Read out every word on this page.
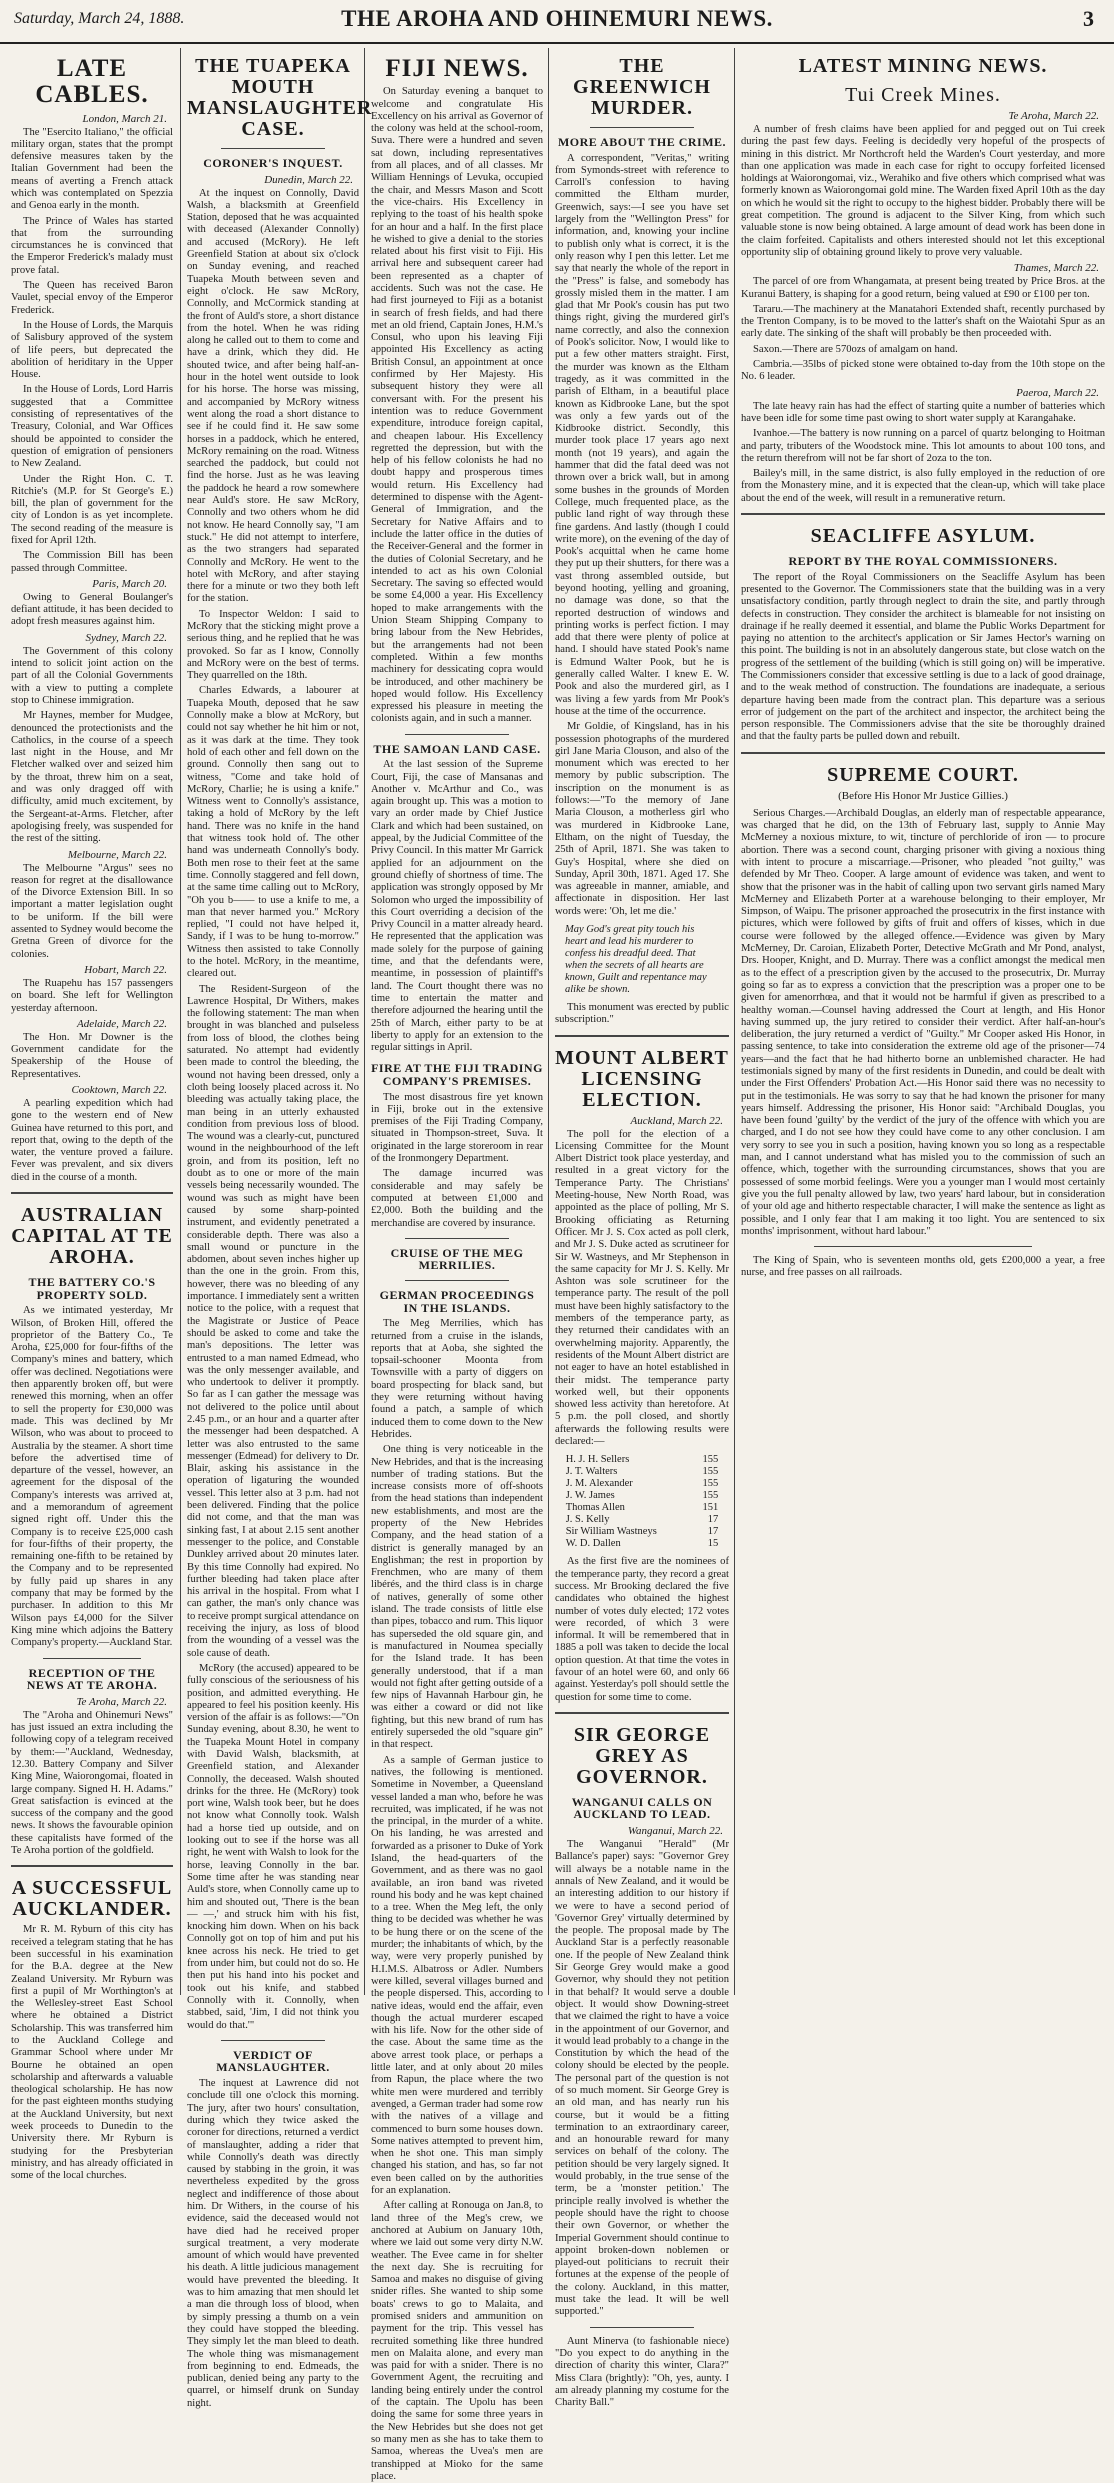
Saturday, March 24, 1888.	THE AROHA AND OHINEMURI NEWS.	3
LATE CABLES.
London, March 21.

The "Esercito Italiano," the official military organ, states that the prompt defensive measures taken by the Italian Government had been the means of averting a French attack which was contemplated on Spezzia and Genoa early in the month.

The Prince of Wales has started that from the surrounding circumstances he is convinced that the Emperor Frederick's malady must prove fatal.

The Queen has received Baron Vaulet, special envoy of the Emperor Frederick.

In the House of Lords, the Marquis of Salisbury approved of the system of life peers, but deprecated the abolition of heriditary in the Upper House.

In the House of Lords, Lord Harris suggested that a Committee consisting of representatives of the Treasury, Colonial, and War Offices should be appointed to consider the question of emigration of pensioners to New Zealand.

Under the Right Hon. C. T. Ritchie's (M.P. for St George's E.) bill, the plan of government for the city of London is as yet incomplete. The second reading of the measure is fixed for April 12th.

The Commission Bill has been passed through Committee.

Paris, March 20.

Owing to General Boulanger's defiant attitude, it has been decided to adopt fresh measures against him.

Sydney, March 22.

The Government of this colony intend to solicit joint action on the part of all the Colonial Governments with a view to putting a complete stop to Chinese immigration.

Mr Haynes, member for Mudgee, denounced the protectionists and the Catholics, in the course of a speech last night in the House, and Mr Fletcher walked over and seized him by the throat, threw him on a seat, and was only dragged off with difficulty, amid much excitement, by the Sergeant-at-Arms. Fletcher, after apologising freely, was suspended for the rest of the sitting.

Melbourne, March 22.

The Melbourne "Argus" sees no reason for regret at the disallowance of the Divorce Extension Bill. In so important a matter legislation ought to be uniform. If the bill were assented to Sydney would become the Gretna Green of divorce for the colonies.

Hobart, March 22.

The Ruapehu has 157 passengers on board. She left for Wellington yesterday afternoon.

Adelaide, March 22.

The Hon. Mr Downer is the Government candidate for the Speakership of the House of Representatives.

Cooktown, March 22.

A pearling expedition which had gone to the western end of New Guinea have returned to this port, and report that, owing to the depth of the water, the venture proved a failure. Fever was prevalent, and six divers died in the course of a month.

AUSTRALIAN CAPITAL AT TE AROHA.
THE BATTERY CO.'S PROPERTY SOLD.

As we intimated yesterday, Mr Wilson, of Broken Hill, offered the proprietor of the Battery Co., Te Aroha, £25,000 for four-fifths of the Company's mines and battery, which offer was declined. Negotiations were then apparently broken off, but were renewed this morning, when an offer to sell the property for £30,000 was made. This was declined by Mr Wilson, who was about to proceed to Australia by the steamer. A short time before the advertised time of departure of the vessel, however, an agreement for the disposal of the Company's interests was arrived at, and a memorandum of agreement signed right off. Under this the Company is to receive £25,000 cash for four-fifths of their property, the remaining one-fifth to be retained by the Company and to be represented by fully paid up shares in any company that may be formed by the purchaser. In addition to this Mr Wilson pays £4,000 for the Silver King mine which adjoins the Battery Company's property.—Auckland Star.

RECEPTION OF THE NEWS AT TE AROHA.
Te Aroha, March 22.

The "Aroha and Ohinemuri News" has just issued an extra including the following copy of a telegram received by them:—"Auckland, Wednesday, 12.30. Battery Company and Silver King Mine, Waiorongomai, floated in large company. Signed H. H. Adams." Great satisfaction is evinced at the success of the company and the good news. It shows the favourable opinion these capitalists have formed of the Te Aroha portion of the goldfield.

A SUCCESSFUL AUCKLANDER.

Mr R. M. Ryburn of this city has received a telegram stating that he has been successful in his examination for the B.A. degree at the New Zealand University. Mr Ryburn was first a pupil of Mr Worthington's at the Wellesley-street East School where he obtained a District Scholarship. This was transferred him to the Auckland College and Grammar School where under Mr Bourne he obtained an open scholarship and afterwards a valuable theological scholarship. He has now for the past eighteen months studying at the Auckland University, but next week proceeds to Dunedin to the University there. Mr Ryburn is studying for the Presbyterian ministry, and has already officiated in some of the local churches.

THE TUAPEKA MOUTH MANSLAUGHTER CASE.
CORONER'S INQUEST.
Dunedin, March 22.

At the inquest on Connolly, David Walsh, a blacksmith at Greenfield Station, deposed that he was acquainted with deceased (Alexander Connolly) and accused (McRory). He left Greenfield Station at about six o'clock on Sunday evening, and reached Tuapeka Mouth between seven and eight o'clock. He saw McRory, Connolly, and McCormick standing at the front of Auld's store, a short distance from the hotel. When he was riding along he called out to them to come and have a drink, which they did. He shouted twice, and after being half-an-hour in the hotel went outside to look for his horse. The horse was missing, and accompanied by McRory witness went along the road a short distance to see if he could find it. He saw some horses in a paddock, which he entered, McRory remaining on the road. Witness searched the paddock, but could not find the horse. Just as he was leaving the paddock he heard a row somewhere near Auld's store. He saw McRory, Connolly and two others whom he did not know. He heard Connolly say, "I am stuck." He did not attempt to interfere, as the two strangers had separated Connolly and McRory. He went to the hotel with McRory, and after staying there for a minute or two they both left for the station.

To Inspector Weldon: I said to McRory that the sticking might prove a serious thing, and he replied that he was provoked. So far as I know, Connolly and McRory were on the best of terms. They quarrelled on the 18th.

Charles Edwards, a labourer at Tuapeka Mouth, deposed that he saw Connolly make a blow at McRory, but could not say whether he hit him or not, as it was dark at the time. They took hold of each other and fell down on the ground. Connolly then sang out to witness, "Come and take hold of McRory, Charlie; he is using a knife." Witness went to Connolly's assistance, taking a hold of McRory by the left hand. There was no knife in the hand that witness took hold of. The other hand was underneath Connolly's body. Both men rose to their feet at the same time. Connolly staggered and fell down, at the same time calling out to McRory, "Oh you b—— to use a knife to me, a man that never harmed you." McRory replied, "I could not have helped it, Sandy, if I was to be hung to-morrow." Witness then assisted to take Connolly to the hotel. McRory, in the meantime, cleared out.

The Resident-Surgeon of the Lawrence Hospital, Dr Withers, makes the following statement: The man when brought in was blanched and pulseless from loss of blood, the clothes being saturated. No attempt had evidently been made to control the bleeding, the wound not having been dressed, only a cloth being loosely placed across it. No bleeding was actually taking place, the man being in an utterly exhausted condition from previous loss of blood. The wound was a clearly-cut, punctured wound in the neighbourhood of the left groin, and from its position, left no doubt as to one or more of the main vessels being necessarily wounded. The wound was such as might have been caused by some sharp-pointed instrument, and evidently penetrated a considerable depth. There was also a small wound or puncture in the abdomen, about seven inches higher up than the one in the groin. From this, however, there was no bleeding of any importance. I immediately sent a written notice to the police, with a request that the Magistrate or Justice of Peace should be asked to come and take the man's depositions. The letter was entrusted to a man named Edmead, who was the only messenger available, and who undertook to deliver it promptly. So far as I can gather the message was not delivered to the police until about 2.45 p.m., or an hour and a quarter after the messenger had been despatched. A letter was also entrusted to the same messenger (Edmead) for delivery to Dr. Blair, asking his assistance in the operation of ligaturing the wounded vessel. This letter also at 3 p.m. had not been delivered. Finding that the police did not come, and that the man was sinking fast, I at about 2.15 sent another messenger to the police, and Constable Dunkley arrived about 20 minutes later. By this time Connolly had expired. No further bleeding had taken place after his arrival in the hospital. From what I can gather, the man's only chance was to receive prompt surgical attendance on receiving the injury, as loss of blood from the wounding of a vessel was the sole cause of death.

McRory (the accused) appeared to be fully conscious of the seriousness of his position, and admitted everything. He appeared to feel his position keenly. His version of the affair is as follows:—"On Sunday evening, about 8.30, he went to the Tuapeka Mount Hotel in company with David Walsh, blacksmith, at Greenfield station, and Alexander Connolly, the deceased. Walsh shouted drinks for the three. He (McRory) took port wine, Walsh took beer, but he does not know what Connolly took. Walsh had a horse tied up outside, and on looking out to see if the horse was all right, he went with Walsh to look for the horse, leaving Connolly in the bar. Some time after he was standing near Auld's store, when Connolly came up to him and shouted out, 'There is the bean — —,' and struck him with his fist, knocking him down. When on his back Connolly got on top of him and put his knee across his neck. He tried to get from under him, but could not do so. He then put his hand into his pocket and took out his knife, and stabbed Connolly with it. Connolly, when stabbed, said, 'Jim, I did not think you would do that.'"

VERDICT OF MANSLAUGHTER.

The inquest at Lawrence did not conclude till one o'clock this morning. The jury, after two hours' consultation, during which they twice asked the coroner for directions, returned a verdict of manslaughter, adding a rider that while Connolly's death was directly caused by stabbing in the groin, it was nevertheless expedited by the gross neglect and indifference of those about him. Dr Withers, in the course of his evidence, said the deceased would not have died had he received proper surgical treatment, a very moderate amount of which would have prevented his death. A little judicious management would have prevented the bleeding. It was to him amazing that men should let a man die through loss of blood, when by simply pressing a thumb on a vein they could have stopped the bleeding. They simply let the man bleed to death. The whole thing was mismanagement from beginning to end. Edmeads, the publican, denied being any party to the quarrel, or himself drunk on Sunday night.

FIJI NEWS.

On Saturday evening a banquet to welcome and congratulate His Excellency on his arrival as Governor of the colony was held at the school-room, Suva. There were a hundred and seven sat down, including representatives from all places, and of all classes. Mr William Hennings of Levuka, occupied the chair, and Messrs Mason and Scott the vice-chairs. His Excellency in replying to the toast of his health spoke for an hour and a half. In the first place he wished to give a denial to the stories related about his first visit to Fiji. His arrival here and subsequent career had been represented as a chapter of accidents. Such was not the case. He had first journeyed to Fiji as a botanist in search of fresh fields, and had there met an old friend, Captain Jones, H.M.'s Consul, who upon his leaving Fiji appointed His Excellency as acting British Consul, an appointment at once confirmed by Her Majesty. His subsequent history they were all conversant with. For the present his intention was to reduce Government expenditure, introduce foreign capital, and cheapen labour. His Excellency regretted the depression, but with the help of his fellow colonists he had no doubt happy and prosperous times would return. His Excellency had determined to dispense with the Agent-General of Immigration, and the Secretary for Native Affairs and to include the latter office in the duties of the Receiver-General and the former in the duties of Colonial Secretary, and he intended to act as his own Colonial Secretary. The saving so effected would be some £4,000 a year. His Excellency hoped to make arrangements with the Union Steam Shipping Company to bring labour from the New Hebrides, but the arrangements had not been completed. Within a few months machinery for dessicating copra would be introduced, and other machinery be hoped would follow. His Excellency expressed his pleasure in meeting the colonists again, and in such a manner.

THE SAMOAN LAND CASE.

At the last session of the Supreme Court, Fiji, the case of Mansanas and Another v. McArthur and Co., was again brought up. This was a motion to vary an order made by Chief Justice Clark and which had been sustained, on appeal, by the Judicial Committee of the Privy Council. In this matter Mr Garrick applied for an adjournment on the ground chiefly of shortness of time. The application was strongly opposed by Mr Solomon who urged the impossibility of this Court overriding a decision of the Privy Council in a matter already heard. He represented that the application was made solely for the purpose of gaining time, and that the defendants were, meantime, in possession of plaintiff's land. The Court thought there was no time to entertain the matter and therefore adjourned the hearing until the 25th of March, either party to be at liberty to apply for an extension to the regular sittings in April.

FIRE AT THE FIJI TRADING COMPANY'S PREMISES.

The most disastrous fire yet known in Fiji, broke out in the extensive premises of the Fiji Trading Company, situated in Thompson-street, Suva. It originated in the large storeroom in rear of the Ironmongery Department.

The damage incurred was considerable and may safely be computed at between £1,000 and £2,000. Both the building and the merchandise are covered by insurance.

CRUISE OF THE MEG MERRILIES.
GERMAN PROCEEDINGS IN THE ISLANDS.

The Meg Merrilies, which has returned from a cruise in the islands, reports that at Aoba, she sighted the topsail-schooner Moonta from Townsville with a party of diggers on board prospecting for black sand, but they were returning without having found a patch, a sample of which induced them to come down to the New Hebrides.

One thing is very noticeable in the New Hebrides, and that is the increasing number of trading stations. But the increase consists more of off-shoots from the head stations than independent new establishments, and most are the property of the New Hebrides Company, and the head station of a district is generally managed by an Englishman; the rest in proportion by Frenchmen, who are many of them libérés, and the third class is in charge of natives, generally of some other island. The trade consists of little else than pipes, tobacco and rum. This liquor has superseded the old square gin, and is manufactured in Noumea specially for the Island trade. It has been generally understood, that if a man would not fight after getting outside of a few nips of Havannah Harbour gin, he was either a coward or did not like fighting, but this new brand of rum has entirely superseded the old "square gin" in that respect.

As a sample of German justice to natives, the following is mentioned. Sometime in November, a Queensland vessel landed a man who, before he was recruited, was implicated, if he was not the principal, in the murder of a white. On his landing, he was arrested and forwarded as a prisoner to Duke of York Island, the head-quarters of the Government, and as there was no gaol available, an iron band was riveted round his body and he was kept chained to a tree. When the Meg left, the only thing to be decided was whether he was to be hung there or on the scene of the murder; the inhabitants of which, by the way, were very properly punished by H.I.M.S. Albatross or Adler. Numbers were killed, several villages burned and the people dispersed. This, according to native ideas, would end the affair, even though the actual murderer escaped with his life. Now for the other side of the case. About the same time as the above arrest took place, or perhaps a little later, and at only about 20 miles from Rapun, the place where the two white men were murdered and terribly avenged, a German trader had some row with the natives of a village and commenced to burn some houses down. Some natives attempted to prevent him, when he shot one. This man simply changed his station, and has, so far not even been called on by the authorities for an explanation.

After calling at Ronouga on Jan.8, to land three of the Meg's crew, we anchored at Aubium on January 10th, where we laid out some very dirty N.W. weather. The Evee came in for shelter the next day. She is recruiting for Samoa and makes no disguise of giving snider rifles. She wanted to ship some boats' crews to go to Malaita, and promised sniders and ammunition on payment for the trip. This vessel has recruited something like three hundred men on Malaita alone, and every man was paid for with a snider. There is no Government Agent, the recruiting and landing being entirely under the control of the captain. The Upolu has been doing the same for some three years in the New Hebrides but she does not get so many men as she has to take them to Samoa, whereas the Uvea's men are transhipped at Mioko for the same place.

THE GREENWICH MURDER.
MORE ABOUT THE CRIME.

A correspondent, "Veritas," writing from Symonds-street with reference to Carroll's confession to having committed the Eltham murder, Greenwich, says:—I see you have set largely from the "Wellington Press" for information, and, knowing your incline to publish only what is correct, it is the only reason why I pen this letter. Let me say that nearly the whole of the report in the "Press" is false, and somebody has grossly misled them in the matter. I am glad that Mr Pook's cousin has put two things right, giving the murdered girl's name correctly, and also the connexion of Pook's solicitor. Now, I would like to put a few other matters straight. First, the murder was known as the Eltham tragedy, as it was committed in the parish of Eltham, in a beautiful place known as Kidbrooke Lane, but the spot was only a few yards out of the Kidbrooke district. Secondly, this murder took place 17 years ago next month (not 19 years), and again the hammer that did the fatal deed was not thrown over a brick wall, but in among some bushes in the grounds of Morden College, much frequented place, as the public land right of way through these fine gardens. And lastly (though I could write more), on the evening of the day of Pook's acquittal when he came home they put up their shutters, for there was a vast throng assembled outside, but beyond hooting, yelling and groaning, no damage was done, so that the reported destruction of windows and printing works is perfect fiction. I may add that there were plenty of police at hand. I should have stated Pook's name is Edmund Walter Pook, but he is generally called Walter. I knew E. W. Pook and also the murdered girl, as I was living a few yards from Mr Pook's house at the time of the occurrence.

Mr Goldie, of Kingsland, has in his possession photographs of the murdered girl Jane Maria Clouson, and also of the monument which was erected to her memory by public subscription. The inscription on the monument is as follows:—"To the memory of Jane Maria Clouson, a motherless girl who was murdered in Kidbrooke Lane, Eltham, on the night of Tuesday, the 25th of April, 1871. She was taken to Guy's Hospital, where she died on Sunday, April 30th, 1871. Aged 17. She was agreeable in manner, amiable, and affectionate in disposition. Her last words were: 'Oh, let me die.'

May God's great pity touch his heart and lead his murderer to confess his dreadful deed. That when the secrets of all hearts are known, Guilt and repentance may alike be shown.

This monument was erected by public subscription."

MOUNT ALBERT LICENSING ELECTION.
Auckland, March 22.

The poll for the election of a Licensing Committee for the Mount Albert District took place yesterday, and resulted in a great victory for the Temperance Party. The Christians' Meeting-house, New North Road, was appointed as the place of polling, Mr S. Brooking officiating as Returning Officer. Mr J. S. Cox acted as poll clerk, and Mr J. S. Duke acted as scrutineer for Sir W. Wastneys, and Mr Stephenson in the same capacity for Mr J. S. Kelly. Mr Ashton was sole scrutineer for the temperance party. The result of the poll must have been highly satisfactory to the members of the temperance party, as they returned their candidates with an overwhelming majority. Apparently, the residents of the Mount Albert district are not eager to have an hotel established in their midst. The temperance party worked well, but their opponents showed less activity than heretofore. At 5 p.m. the poll closed, and shortly afterwards the following results were declared:—

H. J. H. Sellers	155
J. T. Walters	155
J. M. Alexander	155
J. W. James	155
Thomas Allen	151
J. S. Kelly	17
Sir William Wastneys	17
W. D. Dallen	15

As the first five are the nominees of the temperance party, they record a great success. Mr Brooking declared the five candidates who obtained the highest number of votes duly elected; 172 votes were recorded, of which 3 were informal. It will be remembered that in 1885 a poll was taken to decide the local option question. At that time the votes in favour of an hotel were 60, and only 66 against. Yesterday's poll should settle the question for some time to come.

SIR GEORGE GREY AS GOVERNOR.
WANGANUI CALLS ON AUCKLAND TO LEAD.
Wanganui, March 22.

The Wanganui "Herald" (Mr Ballance's paper) says: "Governor Grey will always be a notable name in the annals of New Zealand, and it would be an interesting addition to our history if we were to have a second period of 'Governor Grey' virtually determined by the people. The proposal made by The Auckland Star is a perfectly reasonable one. If the people of New Zealand think Sir George Grey would make a good Governor, why should they not petition in that behalf? It would serve a double object. It would show Downing-street that we claimed the right to have a voice in the appointment of our Governor, and it would lead probably to a change in the Constitution by which the head of the colony should be elected by the people. The personal part of the question is not of so much moment. Sir George Grey is an old man, and has nearly run his course, but it would be a fitting termination to an extraordinary career, and an honourable reward for many services on behalf of the colony. The petition should be very largely signed. It would probably, in the true sense of the term, be a 'monster petition.' The principle really involved is whether the people should have the right to choose their own Governor, or whether the Imperial Government should continue to appoint broken-down noblemen or played-out politicians to recruit their fortunes at the expense of the people of the colony. Auckland, in this matter, must take the lead. It will be well supported."

Aunt Minerva (to fashionable niece) "Do you expect to do anything in the direction of charity this winter, Clara?" Miss Clara (brightly): "Oh, yes, aunty. I am already planning my costume for the Charity Ball."

LATEST MINING NEWS.
Tui Creek Mines.
Te Aroha, March 22.

A number of fresh claims have been applied for and pegged out on Tui creek during the past few days. Feeling is decidedly very hopeful of the prospects of mining in this district. Mr Northcroft held the Warden's Court yesterday, and more than one application was made in each case for right to occupy forfeited licensed holdings at Waiorongomai, viz., Werahiko and five others which comprised what was formerly known as Waiorongomai gold mine. The Warden fixed April 10th as the day on which he would sit the right to occupy to the highest bidder. Probably there will be great competition. The ground is adjacent to the Silver King, from which such valuable stone is now being obtained. A large amount of dead work has been done in the claim forfeited. Capitalists and others interested should not let this exceptional opportunity slip of obtaining ground likely to prove very valuable.

Thames, March 22.

The parcel of ore from Whangamata, at present being treated by Price Bros. at the Kuranui Battery, is shaping for a good return, being valued at £90 or £100 per ton.

Tararu.—The machinery at the Manatahori Extended shaft, recently purchased by the Trenton Company, is to be moved to the latter's shaft on the Waiotahi Spur as an early date. The sinking of the shaft will probably be then proceeded with.

Saxon.—There are 570ozs of amalgam on hand.

Cambria.—35lbs of picked stone were obtained to-day from the 10th stope on the No. 6 leader.

Paeroa, March 22.

The late heavy rain has had the effect of starting quite a number of batteries which have been idle for some time past owing to short water supply at Karangahake.

Ivanhoe.—The battery is now running on a parcel of quartz belonging to Hoitman and party, tributers of the Woodstock mine. This lot amounts to about 100 tons, and the return therefrom will not be far short of 2oza to the ton.

Bailey's mill, in the same district, is also fully employed in the reduction of ore from the Monastery mine, and it is expected that the clean-up, which will take place about the end of the week, will result in a remunerative return.

SEACLIFFE ASYLUM.
REPORT BY THE ROYAL COMMISSIONERS.

The report of the Royal Commissioners on the Seacliffe Asylum has been presented to the Governor. The Commissioners state that the building was in a very unsatisfactory condition, partly through neglect to drain the site, and partly through defects in construction. They consider the architect is blameable for not insisting on drainage if he really deemed it essential, and blame the Public Works Department for paying no attention to the architect's application or Sir James Hector's warning on this point. The building is not in an absolutely dangerous state, but close watch on the progress of the settlement of the building (which is still going on) will be imperative. The Commissioners consider that excessive settling is due to a lack of good drainage, and to the weak method of construction. The foundations are inadequate, a serious departure having been made from the contract plan. This departure was a serious error of judgement on the part of the architect and inspector, the architect being the person responsible. The Commissioners advise that the site be thoroughly drained and that the faulty parts be pulled down and rebuilt.

SUPREME COURT.
(Before His Honor Mr Justice Gillies.)

Serious Charges.—Archibald Douglas, an elderly man of respectable appearance, was charged that he did, on the 13th of February last, supply to Annie May McMerney a noxious mixture, to wit, tincture of perchloride of iron — to procure abortion. There was a second count, charging prisoner with giving a noxious thing with intent to procure a miscarriage.—Prisoner, who pleaded "not guilty," was defended by Mr Theo. Cooper. A large amount of evidence was taken, and went to show that the prisoner was in the habit of calling upon two servant girls named Mary McMerney and Elizabeth Porter at a warehouse belonging to their employer, Mr Simpson, of Waipu. The prisoner approached the prosecutrix in the first instance with pictures, which were followed by gifts of fruit and offers of kisses, which in due course were followed by the alleged offence.—Evidence was given by Mary McMerney, Dr. Caroian, Elizabeth Porter, Detective McGrath and Mr Pond, analyst, Drs. Hooper, Knight, and D. Murray. There was a conflict amongst the medical men as to the effect of a prescription given by the accused to the prosecutrix, Dr. Murray going so far as to express a conviction that the prescription was a proper one to be given for amenorrhœa, and that it would not be harmful if given as prescribed to a healthy woman.—Counsel having addressed the Court at length, and His Honor having summed up, the jury retired to consider their verdict. After half-an-hour's deliberation, the jury returned a verdict of "Guilty." Mr Cooper asked His Honor, in passing sentence, to take into consideration the extreme old age of the prisoner—74 years—and the fact that he had hitherto borne an unblemished character. He had testimonials signed by many of the first residents in Dunedin, and could be dealt with under the First Offenders' Probation Act.—His Honor said there was no necessity to put in the testimonials. He was sorry to say that he had known the prisoner for many years himself. Addressing the prisoner, His Honor said: "Archibald Douglas, you have been found 'guilty' by the verdict of the jury of the offence with which you are charged, and I do not see how they could have come to any other conclusion. I am very sorry to see you in such a position, having known you so long as a respectable man, and I cannot understand what has misled you to the commission of such an offence, which, together with the surrounding circumstances, shows that you are possessed of some morbid feelings. Were you a younger man I would most certainly give you the full penalty allowed by law, two years' hard labour, but in consideration of your old age and hitherto respectable character, I will make the sentence as light as possible, and I only fear that I am making it too light. You are sentenced to six months' imprisonment, without hard labour."

The King of Spain, who is seventeen months old, gets £200,000 a year, a free nurse, and free passes on all railroads.
